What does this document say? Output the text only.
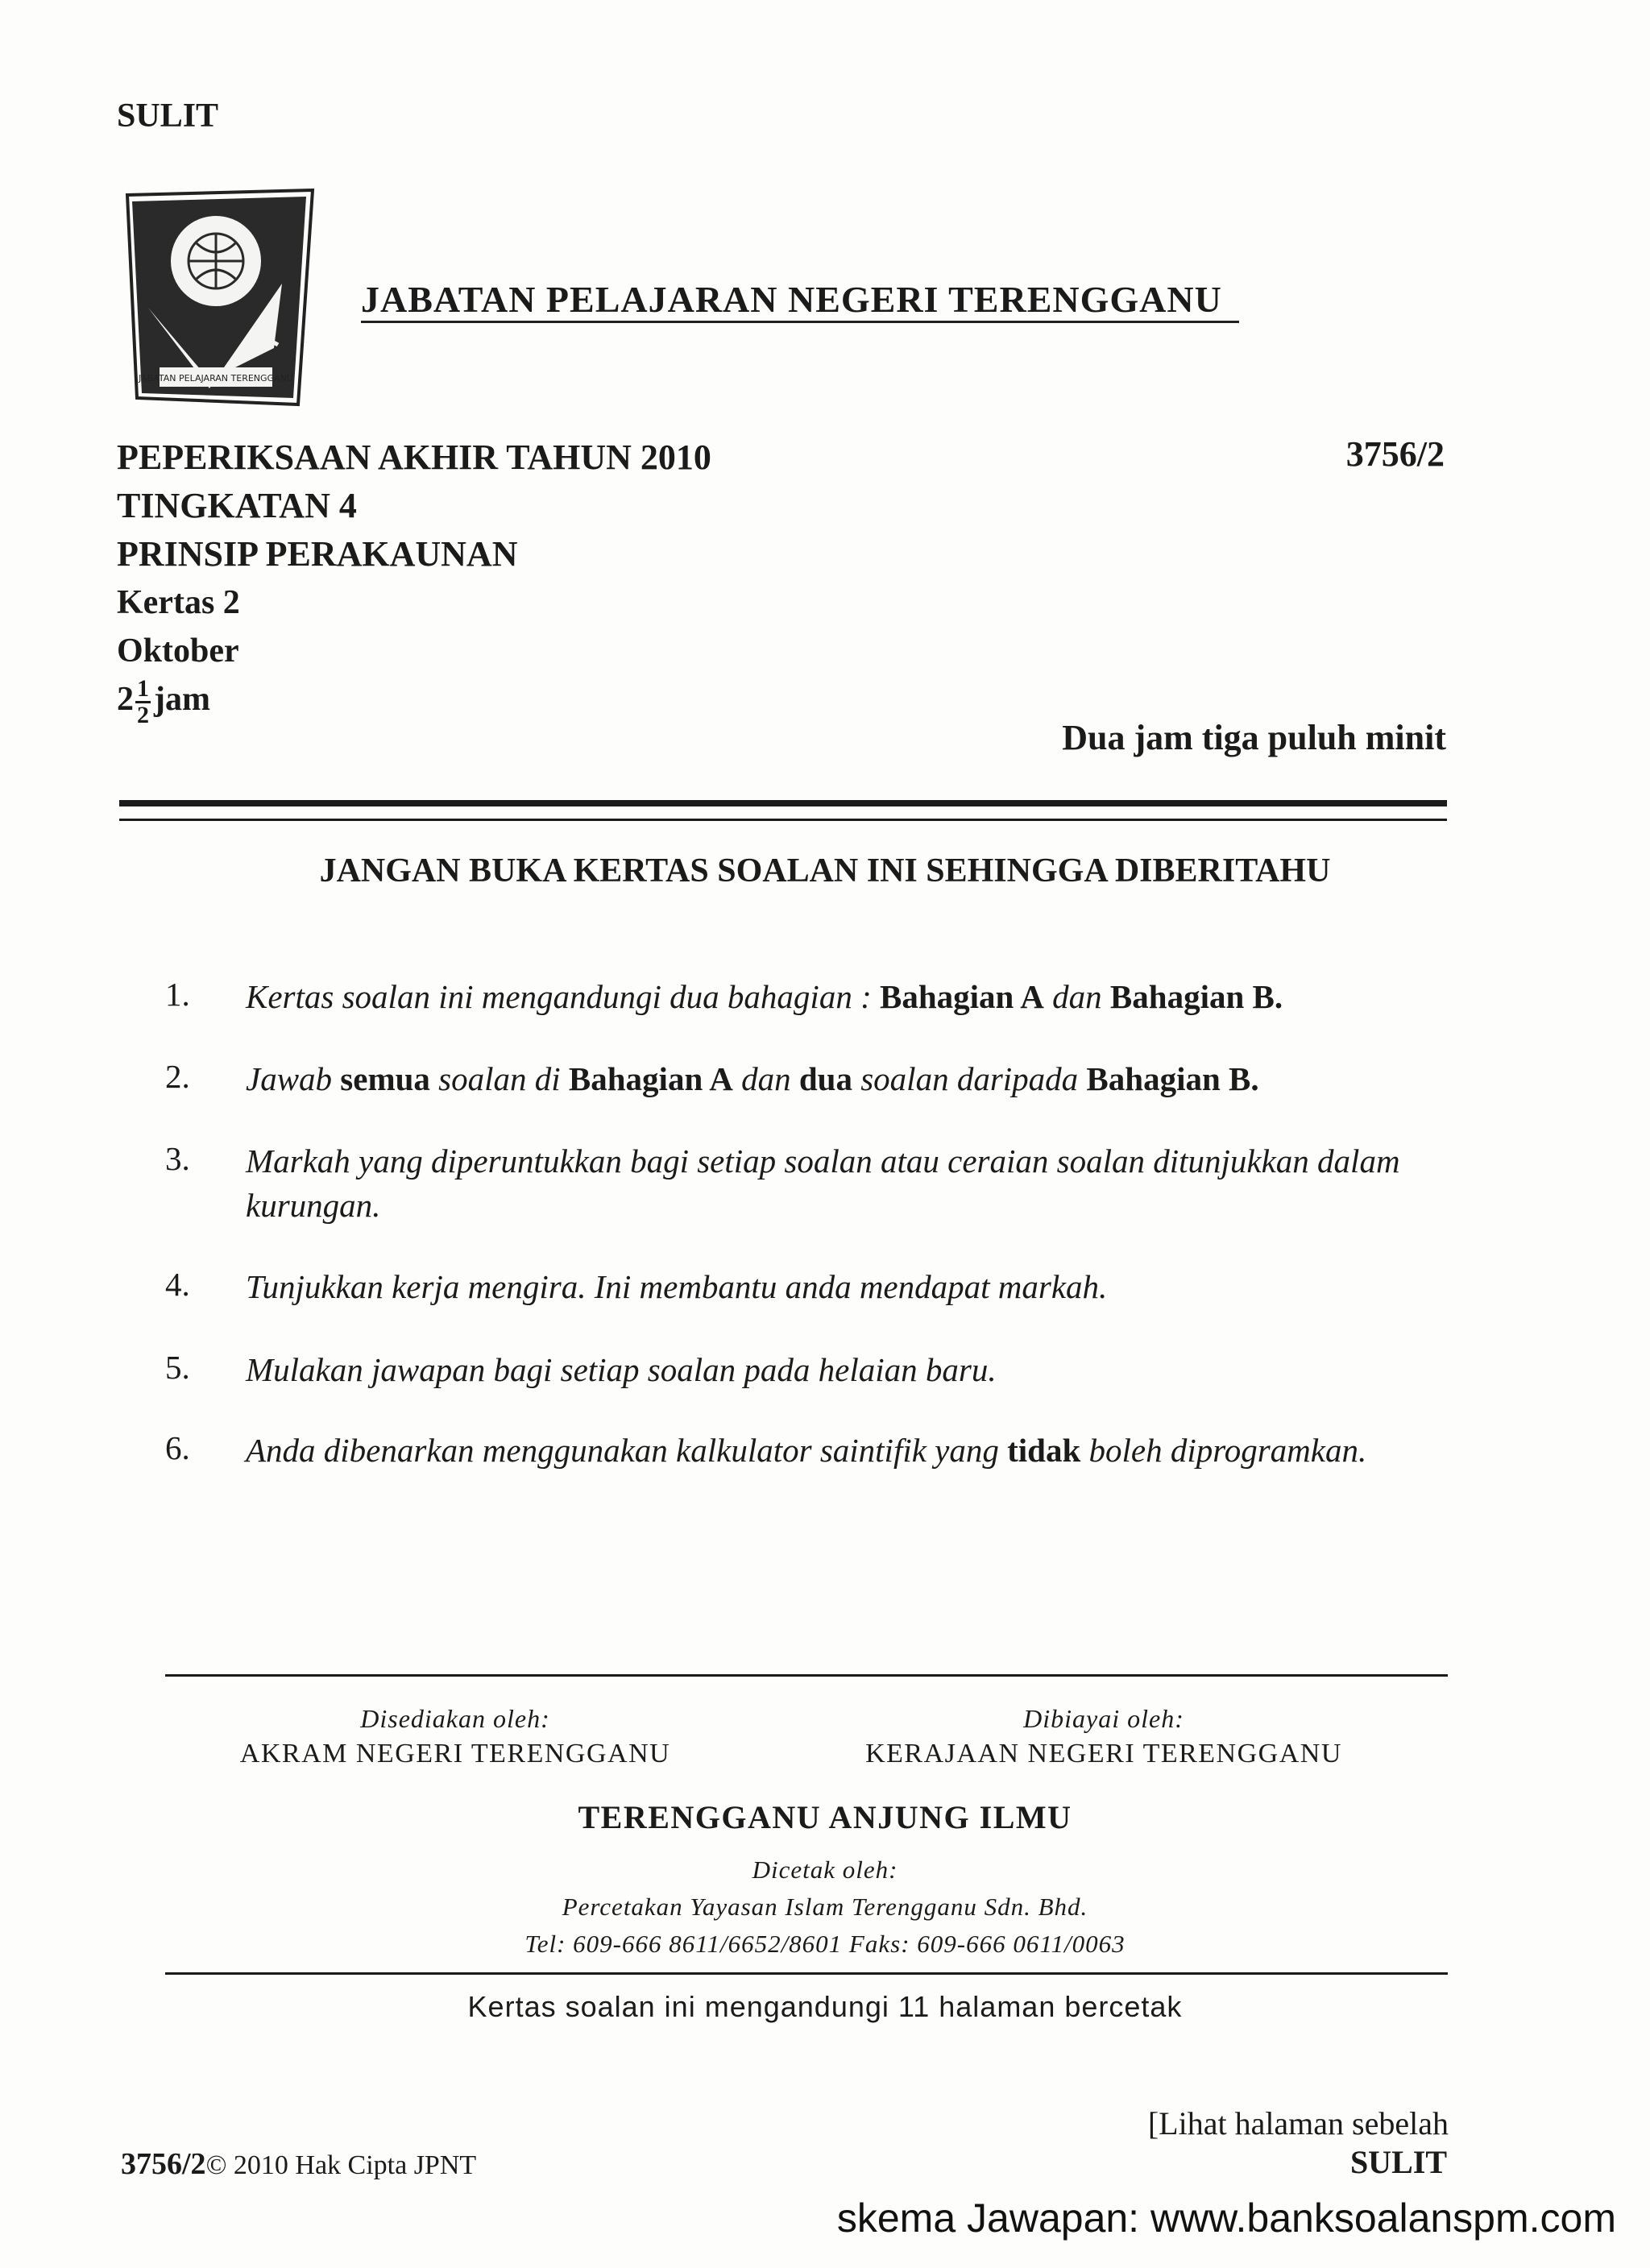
SULIT
JABATAN PELAJARAN TERENGGANU
JABATAN PELAJARAN NEGERI TERENGGANU
PEPERIKSAAN AKHIR TAHUN 2010
TINGKATAN 4
PRINSIP PERAKAUNAN
Kertas 2
Oktober
$2 \frac{1}{2}$ jam
3756/2
Dua jam tiga puluh minit
JANGAN BUKA KERTAS SOALAN INI SEHINGGA DIBERITAHU
1.	Kertas soalan ini mengandungi dua bahagian : Bahagian A dan Bahagian B.
2.	Jawab semua soalan di Bahagian A dan dua soalan daripada Bahagian B.
3.	Markah yang diperuntukkan bagi setiap soalan atau ceraian soalan ditunjukkan dalam kurungan.
4.	Tunjukkan kerja mengira. Ini membantu anda mendapat markah.
5.	Mulakan jawapan bagi setiap soalan pada helaian baru.
6.	Anda dibenarkan menggunakan kalkulator saintifik yang tidak boleh diprogramkan.
Disediakan oleh:
AKRAM NEGERI TERENGGANU
Dibiayai oleh:
KERAJAAN NEGERI TERENGGANU
TERENGGANU ANJUNG ILMU
Dicetak oleh:
Percetakan Yayasan Islam Terengganu Sdn. Bhd.
Tel: 609-666 8611/6652/8601 Faks: 609-666 0611/0063
Kertas soalan ini mengandungi 11 halaman bercetak
[Lihat halaman sebelah
SULIT
3756/2© 2010 Hak Cipta JPNT
skema Jawapan: www.banksoalanspm.com
